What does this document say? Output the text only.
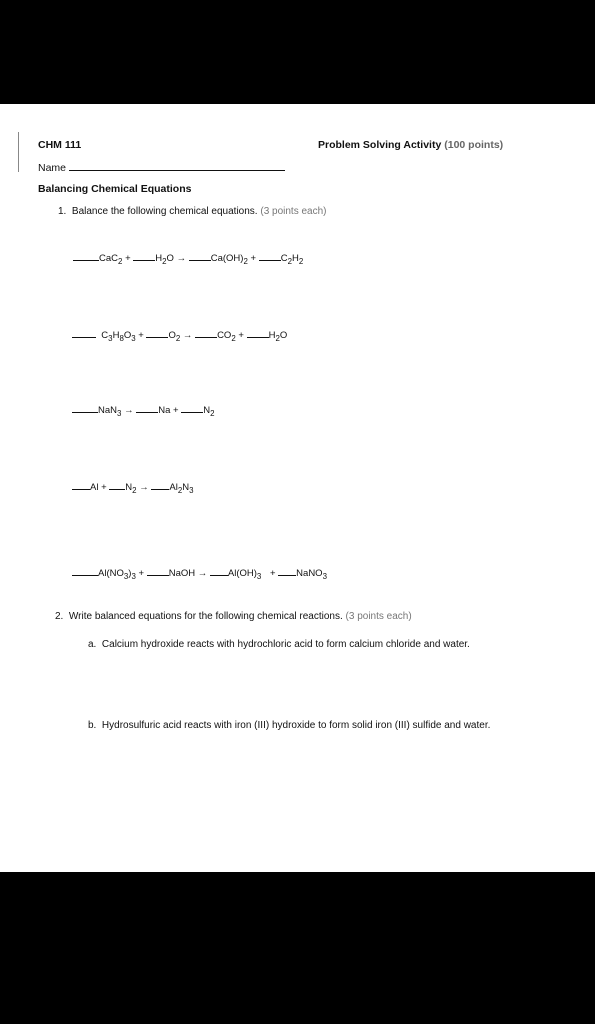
CHM 111	Problem Solving Activity (100 points)
Name
Balancing Chemical Equations
1. Balance the following chemical equations. (3 points each)
CaC$_2$ +	$H_2O$ →	$Ca(OH)_2$ +	$C_2H_2$
$C_3H_8O_3$ +	$O_2$ →	$CO_2$ +	$H_2O$
NaN$_3$ →	Na +	$N_2$
$Al + N_2 \to Al_2N_3$
$Al(NO_3)_3$ +	NaOH → $Al(OH)_3$ + NaNO$_3$
2. Write balanced equations for the following chemical reactions. (3 points each)
a. Calcium hydroxide reacts with hydrochloric acid to form calcium chloride and water.
b. Hydrosulfuric acid reacts with iron (III) hydroxide to form solid iron (III) sulfide and water.
